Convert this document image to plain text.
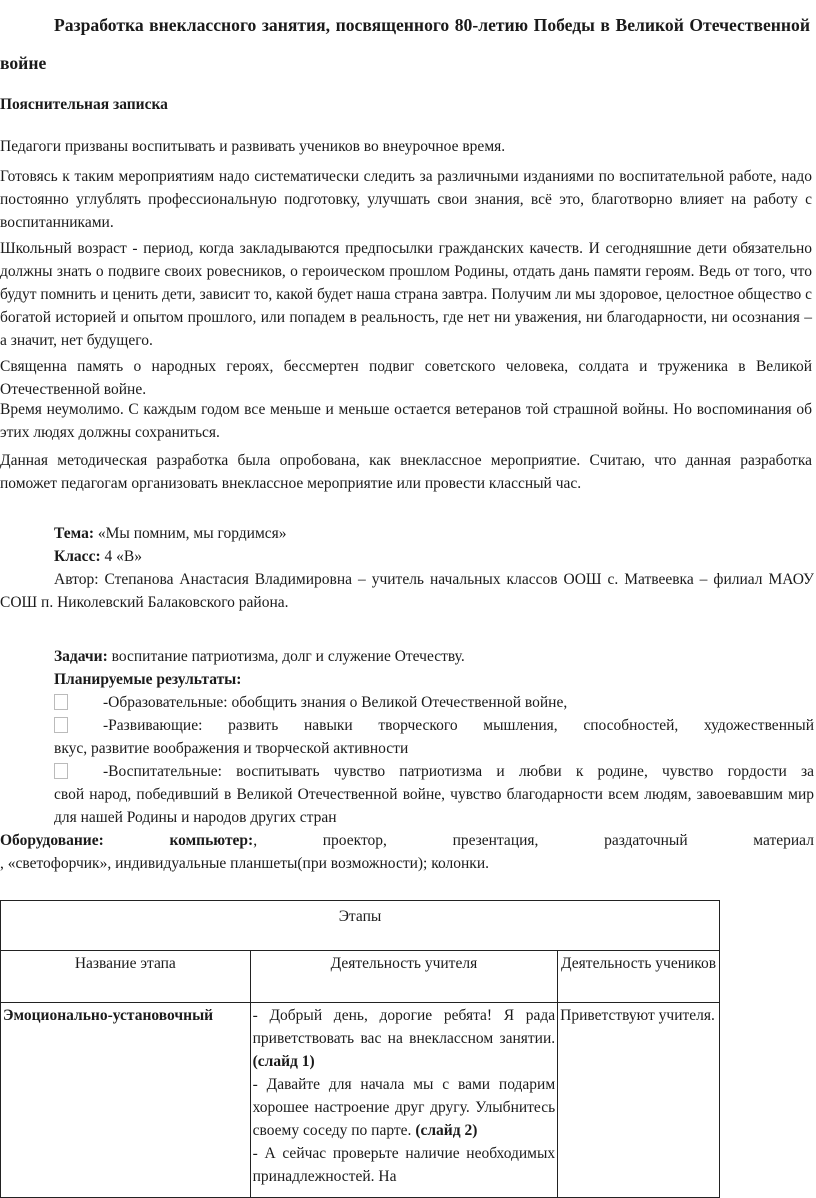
Разработка внеклассного занятия, посвященного 80-летию Победы в Великой Отечественной войне
Пояснительная записка
Педагоги призваны воспитывать и развивать учеников во внеурочное время.
Готовясь к таким мероприятиям надо систематически следить за различными изданиями по воспитательной работе, надо постоянно углублять профессиональную подготовку, улучшать свои знания, всё это, благотворно влияет на работу с воспитанниками.
Школьный возраст - период, когда закладываются предпосылки гражданских качеств. И сегодняшние дети обязательно должны знать о подвиге своих ровесников, о героическом прошлом Родины, отдать дань памяти героям. Ведь от того, что будут помнить и ценить дети, зависит то, какой будет наша страна завтра. Получим ли мы здоровое, целостное общество с богатой историей и опытом прошлого, или попадем в реальность, где нет ни уважения, ни благодарности, ни осознания – а значит, нет будущего.
Священна память о народных героях, бессмертен подвиг советского человека, солдата и труженика в Великой Отечественной войне.
Время неумолимо. С каждым годом все меньше и меньше остается ветеранов той страшной войны. Но воспоминания об этих людях должны сохраниться.
Данная методическая разработка была опробована, как внеклассное мероприятие. Считаю, что данная разработка поможет педагогам организовать внеклассное мероприятие или провести классный час.
Тема: «Мы помним, мы гордимся»
Класс: 4 «В»
Автор: Степанова Анастасия Владимировна – учитель начальных классов ООШ с. Матвеевка – филиал МАОУ СОШ п. Николевский Балаковского района.
Задачи: воспитание патриотизма, долг и служение Отечеству.
Планируемые результаты:
-Образовательные: обобщить знания о Великой Отечественной войне,
-Развивающие: развить навыки творческого мышления, способностей, художественный
вкус, развитие воображения и творческой активности
-Воспитательные: воспитывать чувство патриотизма и любви к родине, чувство гордости за
свой народ, победивший в Великой Отечественной войне, чувство благодарности всем людям, завоевавшим мир для нашей Родины и народов других стран
Оборудование:	компьютер:,	проектор,	презентация,	раздаточный	материал
, «светофорчик», индивидуальные планшеты(при возможности); колонки.
Этапы		
Название этапа	Деятельность учителя	Деятельность учеников
Эмоционально-установочный	- Добрый день, дорогие ребята! Я рада приветствовать вас на внеклассном занятии. (слайд 1)
- Давайте для начала мы с вами подарим хорошее настроение друг другу. Улыбнитесь своему соседу по парте. (слайд 2)
- А сейчас проверьте наличие необходимых принадлежностей. На	Приветствуют учителя.
